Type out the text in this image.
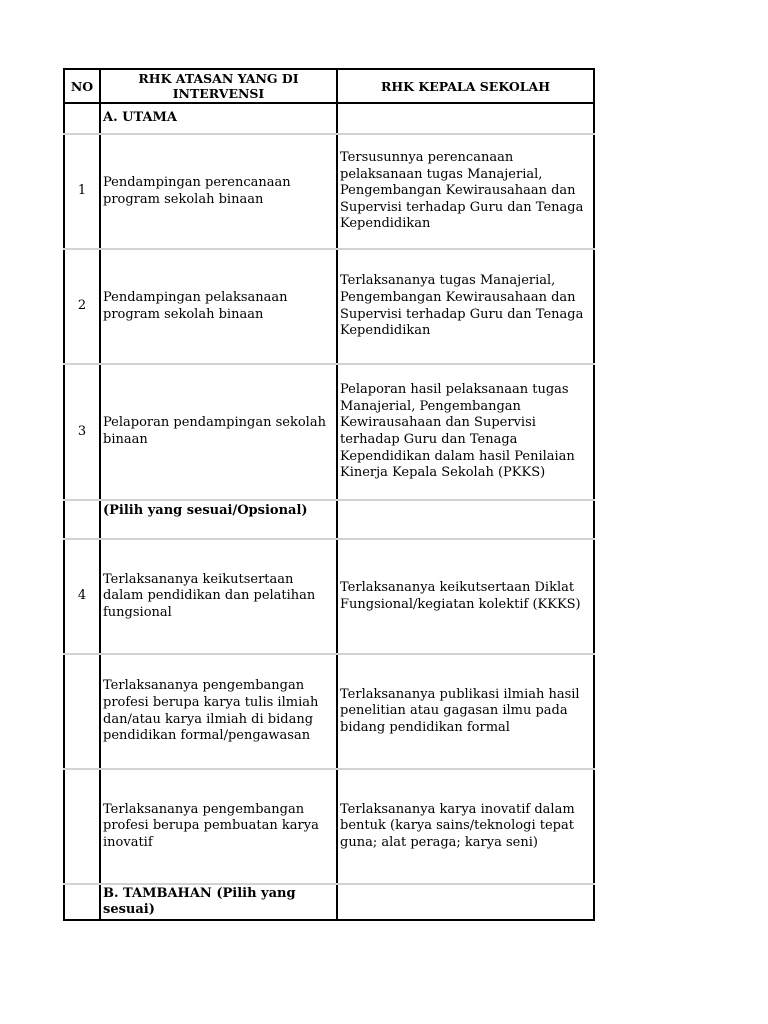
NO	RHK ATASAN YANG DI INTERVENSI	RHK KEPALA SEKOLAH
	A. UTAMA	
1	Pendampingan perencanaan program sekolah binaan	Tersusunnya perencanaan pelaksanaan tugas Manajerial, Pengembangan Kewirausahaan dan Supervisi terhadap Guru dan Tenaga Kependidikan
2	Pendampingan pelaksanaan program sekolah binaan	Terlaksananya tugas Manajerial, Pengembangan Kewirausahaan dan Supervisi terhadap Guru dan Tenaga Kependidikan
3	Pelaporan pendampingan sekolah binaan	Pelaporan hasil pelaksanaan tugas Manajerial, Pengembangan Kewirausahaan dan Supervisi terhadap Guru dan Tenaga Kependidikan dalam hasil Penilaian Kinerja Kepala Sekolah (PKKS)
	(Pilih yang sesuai/Opsional)	
4	Terlaksananya keikutsertaan dalam pendidikan dan pelatihan fungsional	Terlaksananya keikutsertaan Diklat Fungsional/kegiatan kolektif (KKKS)
	Terlaksananya pengembangan profesi berupa karya tulis ilmiah dan/atau karya ilmiah di bidang pendidikan formal/pengawasan	Terlaksananya publikasi ilmiah hasil penelitian atau gagasan ilmu pada bidang pendidikan formal
	Terlaksananya pengembangan profesi berupa pembuatan karya inovatif	Terlaksananya karya inovatif dalam bentuk (karya sains/teknologi tepat guna; alat peraga; karya seni)
	B. TAMBAHAN (Pilih yang sesuai)	
